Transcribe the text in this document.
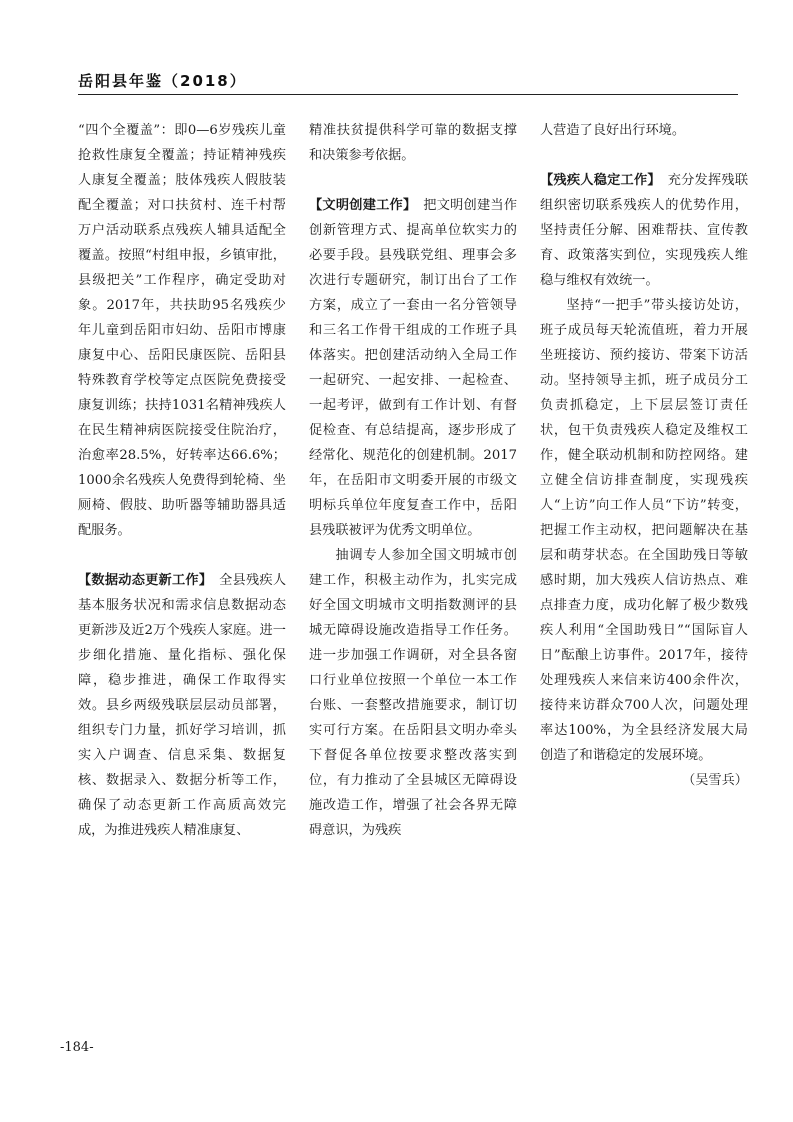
岳阳县年鉴（2018）

“四个全覆盖”：即0—6岁残疾儿童抢救性康复全覆盖；持证精神残疾人康复全覆盖；肢体残疾人假肢装配全覆盖；对口扶贫村、连千村帮万户活动联系点残疾人辅具适配全覆盖。按照“村组申报，乡镇审批，县级把关”工作程序，确定受助对象。2017年，共扶助95名残疾少年儿童到岳阳市妇幼、岳阳市博康康复中心、岳阳民康医院、岳阳县特殊教育学校等定点医院免费接受康复训练；扶持1031名精神残疾人在民生精神病医院接受住院治疗，治愈率28.5%，好转率达66.6%；1000余名残疾人免费得到轮椅、坐厕椅、假肢、助听器等辅助器具适配服务。

【数据动态更新工作】　 全县残疾人基本服务状况和需求信息数据动态更新涉及近2万个残疾人家庭。进一步细化措施、量化指标、强化保障，稳步推进，确保工作取得实效。县乡两级残联层层动员部署，组织专门力量，抓好学习培训，抓实入户调查、信息采集、数据复核、数据录入、数据分析等工作，确保了动态更新工作高质高效完成，为推进残疾人精准康复、

精准扶贫提供科学可靠的数据支撑和决策参考依据。

【文明创建工作】　 把文明创建当作创新管理方式、提高单位软实力的必要手段。县残联党组、理事会多次进行专题研究，制订出台了工作方案，成立了一套由一名分管领导和三名工作骨干组成的工作班子具体落实。把创建活动纳入全局工作一起研究、一起安排、一起检查、一起考评，做到有工作计划、有督促检查、有总结提高，逐步形成了经常化、规范化的创建机制。2017年，在岳阳市文明委开展的市级文明标兵单位年度复查工作中，岳阳县残联被评为优秀文明单位。

抽调专人参加全国文明城市创建工作，积极主动作为，扎实完成好全国文明城市文明指数测评的县城无障碍设施改造指导工作任务。进一步加强工作调研，对全县各窗口行业单位按照一个单位一本工作台账、一套整改措施要求，制订切实可行方案。在岳阳县文明办牵头下督促各单位按要求整改落实到位，有力推动了全县城区无障碍设施改造工作，增强了社会各界无障碍意识，为残疾

人营造了良好出行环境。

【残疾人稳定工作】　 充分发挥残联组织密切联系残疾人的优势作用，坚持责任分解、困难帮扶、宣传教育、政策落实到位，实现残疾人维稳与维权有效统一。

坚持“一把手”带头接访处访，班子成员每天轮流值班，着力开展坐班接访、预约接访、带案下访活动。坚持领导主抓，班子成员分工负责抓稳定，上下层层签订责任状，包干负责残疾人稳定及维权工作，健全联动机制和防控网络。建立健全信访排查制度，实现残疾人“上访”向工作人员“下访”转变，把握工作主动权，把问题解决在基层和萌芽状态。在全国助残日等敏感时期，加大残疾人信访热点、难点排查力度，成功化解了极少数残疾人利用“全国助残日”“国际盲人日”酝酿上访事件。2017年，接待处理残疾人来信来访400余件次，接待来访群众700人次，问题处理率达100%，为全县经济发展大局创造了和谐稳定的发展环境。

（吴雪兵）

-184-
